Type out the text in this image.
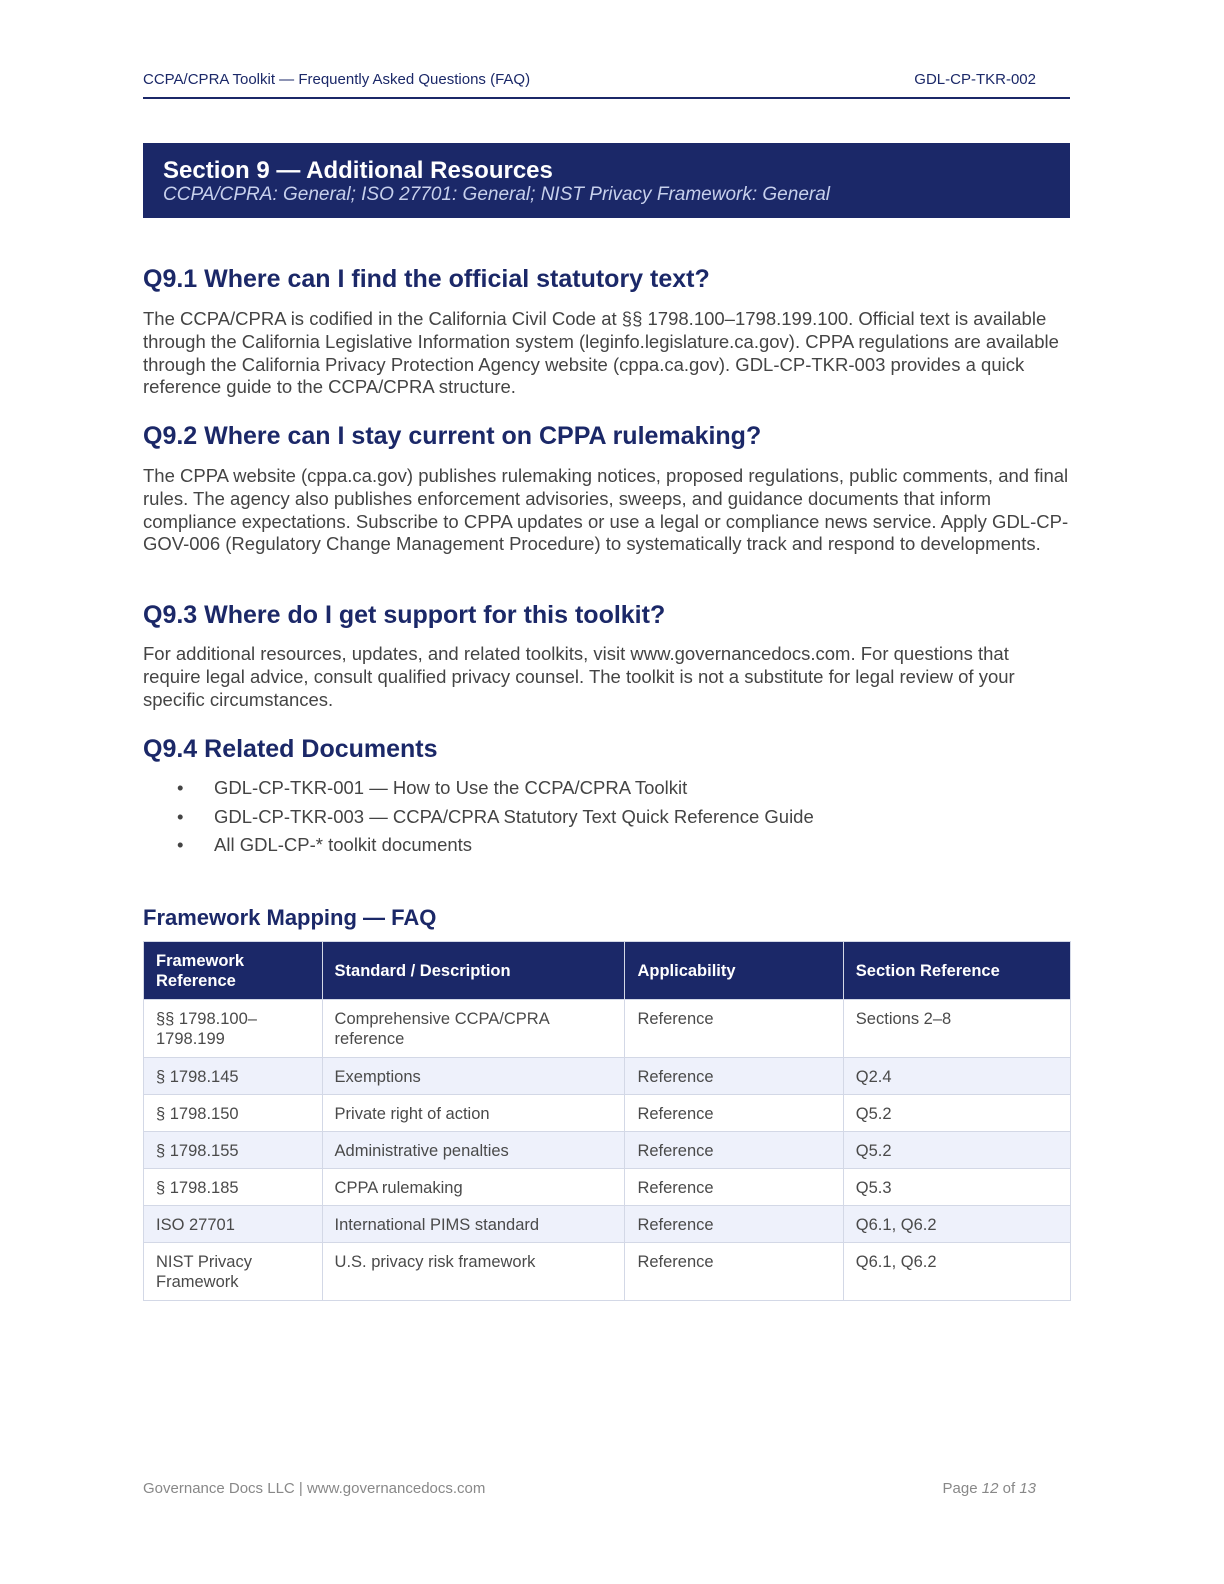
CCPA/CPRA Toolkit — Frequently Asked Questions (FAQ)	GDL-CP-TKR-002
Section 9 — Additional Resources
CCPA/CPRA: General; ISO 27701: General; NIST Privacy Framework: General
Q9.1 Where can I find the official statutory text?

The CCPA/CPRA is codified in the California Civil Code at §§ 1798.100–1798.199.100. Official text is available through the California Legislative Information system (leginfo.legislature.ca.gov). CPPA regulations are available through the California Privacy Protection Agency website (cppa.ca.gov). GDL-CP-TKR-003 provides a quick reference guide to the CCPA/CPRA structure.

Q9.2 Where can I stay current on CPPA rulemaking?

The CPPA website (cppa.ca.gov) publishes rulemaking notices, proposed regulations, public comments, and final rules. The agency also publishes enforcement advisories, sweeps, and guidance documents that inform compliance expectations. Subscribe to CPPA updates or use a legal or compliance news service. Apply GDL-CP-GOV-006 (Regulatory Change Management Procedure) to systematically track and respond to developments.

Q9.3 Where do I get support for this toolkit?

For additional resources, updates, and related toolkits, visit www.governancedocs.com. For questions that require legal advice, consult qualified privacy counsel. The toolkit is not a substitute for legal review of your specific circumstances.

Q9.4 Related Documents
• GDL-CP-TKR-001 — How to Use the CCPA/CPRA Toolkit
• GDL-CP-TKR-003 — CCPA/CPRA Statutory Text Quick Reference Guide
• All GDL-CP-* toolkit documents
Framework Mapping — FAQ
Framework Reference	Standard / Description	Applicability	Section Reference
§§ 1798.100–1798.199	Comprehensive CCPA/CPRA reference	Reference	Sections 2–8
§ 1798.145	Exemptions	Reference	Q2.4
§ 1798.150	Private right of action	Reference	Q5.2
§ 1798.155	Administrative penalties	Reference	Q5.2
§ 1798.185	CPPA rulemaking	Reference	Q5.3
ISO 27701	International PIMS standard	Reference	Q6.1, Q6.2
NIST Privacy Framework	U.S. privacy risk framework	Reference	Q6.1, Q6.2
Governance Docs LLC | www.governancedocs.com	Page 12 of 13
